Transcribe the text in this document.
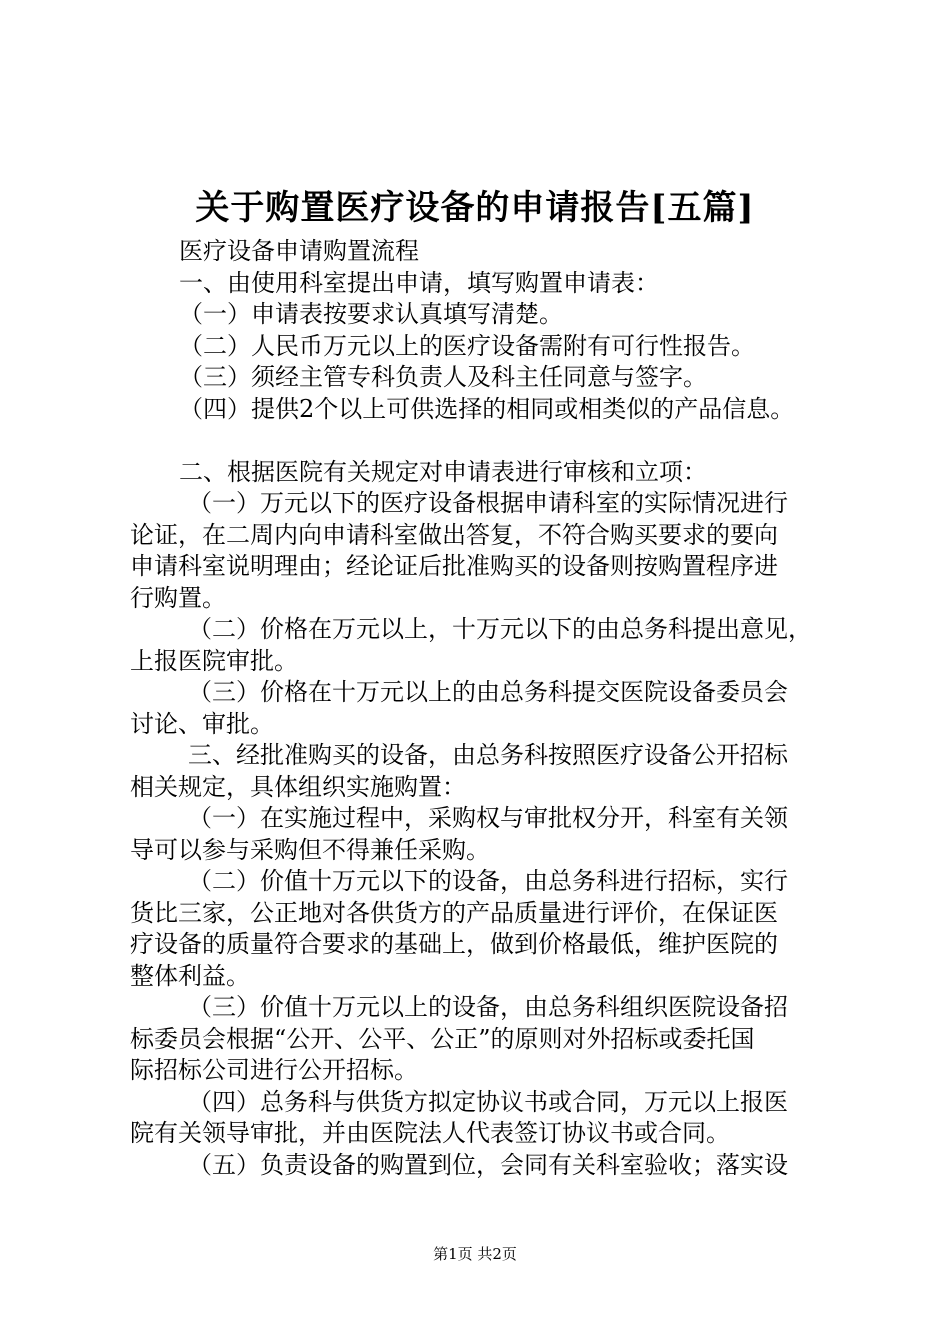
关于购置医疗设备的申请报告[五篇]
医疗设备申请购置流程
一、由使用科室提出申请，填写购置申请表：
（一）申请表按要求认真填写清楚。
（二）人民币万元以上的医疗设备需附有可行性报告。
（三）须经主管专科负责人及科主任同意与签字。
（四）提供2个以上可供选择的相同或相类似的产品信息。
二、根据医院有关规定对申请表进行审核和立项：
（一）万元以下的医疗设备根据申请科室的实际情况进行
论证，在二周内向申请科室做出答复，不符合购买要求的要向
申请科室说明理由；经论证后批准购买的设备则按购置程序进
行购置。
（二）价格在万元以上，十万元以下的由总务科提出意见，
上报医院审批。
（三）价格在十万元以上的由总务科提交医院设备委员会
讨论、审批。
三、经批准购买的设备，由总务科按照医疗设备公开招标
相关规定，具体组织实施购置：
（一）在实施过程中，采购权与审批权分开，科室有关领
导可以参与采购但不得兼任采购。
（二）价值十万元以下的设备，由总务科进行招标，实行
货比三家，公正地对各供货方的产品质量进行评价，在保证医
疗设备的质量符合要求的基础上，做到价格最低，维护医院的
整体利益。
（三）价值十万元以上的设备，由总务科组织医院设备招
标委员会根据“公开、公平、公正”的原则对外招标或委托国
际招标公司进行公开招标。
（四）总务科与供货方拟定协议书或合同，万元以上报医
院有关领导审批，并由医院法人代表签订协议书或合同。
（五）负责设备的购置到位，会同有关科室验收；落实设
第1页 共2页
